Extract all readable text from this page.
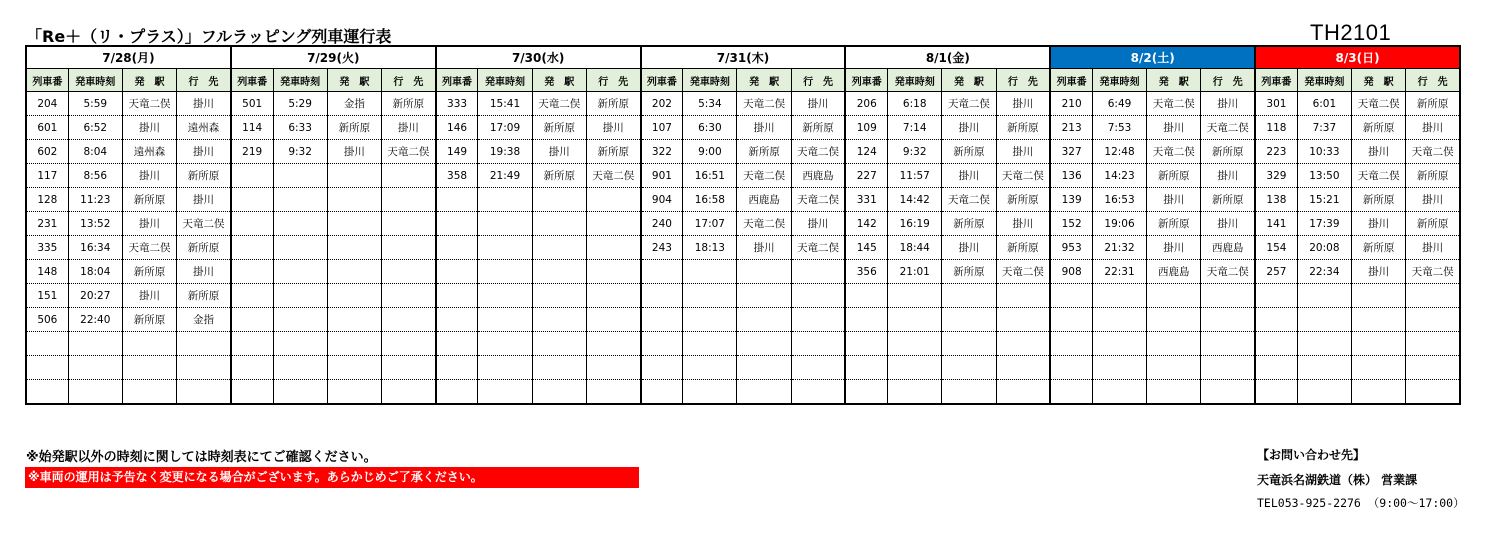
「Re＋（リ・プラス）」フルラッピング列車運行表	TH2101
7/28(月)				7/29(火)				7/30(水)				7/31(木)				8/1(金)				8/2(土)				8/3(日)			
列車番	発車時刻	発　駅	行　先	列車番	発車時刻	発　駅	行　先	列車番	発車時刻	発　駅	行　先	列車番	発車時刻	発　駅	行　先	列車番	発車時刻	発　駅	行　先	列車番	発車時刻	発　駅	行　先	列車番	発車時刻	発　駅	行　先
204	5:59	天竜二俣	掛川	501	5:29	金指	新所原	333	15:41	天竜二俣	新所原	202	5:34	天竜二俣	掛川	206	6:18	天竜二俣	掛川	210	6:49	天竜二俣	掛川	301	6:01	天竜二俣	新所原
601	6:52	掛川	遠州森	114	6:33	新所原	掛川	146	17:09	新所原	掛川	107	6:30	掛川	新所原	109	7:14	掛川	新所原	213	7:53	掛川	天竜二俣	118	7:37	新所原	掛川
602	8:04	遠州森	掛川	219	9:32	掛川	天竜二俣	149	19:38	掛川	新所原	322	9:00	新所原	天竜二俣	124	9:32	新所原	掛川	327	12:48	天竜二俣	新所原	223	10:33	掛川	天竜二俣
117	8:56	掛川	新所原					358	21:49	新所原	天竜二俣	901	16:51	天竜二俣	西鹿島	227	11:57	掛川	天竜二俣	136	14:23	新所原	掛川	329	13:50	天竜二俣	新所原
128	11:23	新所原	掛川									904	16:58	西鹿島	天竜二俣	331	14:42	天竜二俣	新所原	139	16:53	掛川	新所原	138	15:21	新所原	掛川
231	13:52	掛川	天竜二俣									240	17:07	天竜二俣	掛川	142	16:19	新所原	掛川	152	19:06	新所原	掛川	141	17:39	掛川	新所原
335	16:34	天竜二俣	新所原									243	18:13	掛川	天竜二俣	145	18:44	掛川	新所原	953	21:32	掛川	西鹿島	154	20:08	新所原	掛川
148	18:04	新所原	掛川													356	21:01	新所原	天竜二俣	908	22:31	西鹿島	天竜二俣	257	22:34	掛川	天竜二俣
151	20:27	掛川	新所原																								
506	22:40	新所原	金指																								

※始発駅以外の時刻に関しては時刻表にてご確認ください。
※車両の運用は予告なく変更になる場合がございます。あらかじめご了承ください。
【お問い合わせ先】
天竜浜名湖鉄道（株） 営業課
TEL053-925-2276 （9:00～17:00）
